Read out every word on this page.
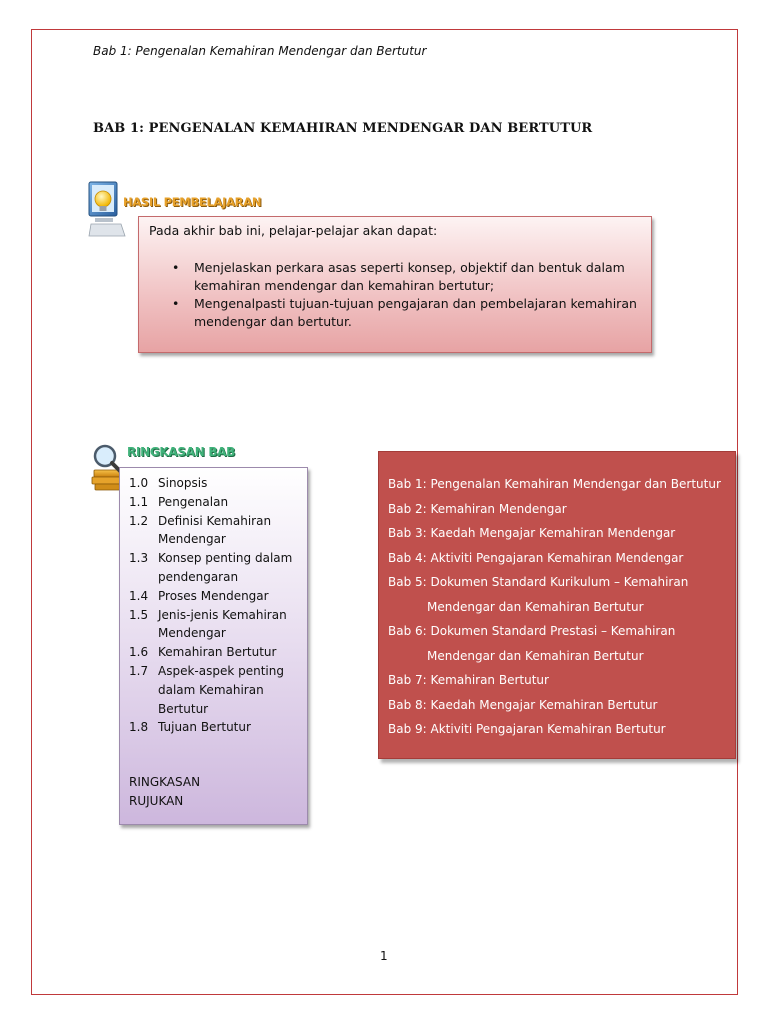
Bab 1: Pengenalan Kemahiran Mendengar dan Bertutur
BAB 1: PENGENALAN KEMAHIRAN MENDENGAR DAN BERTUTUR
HASIL PEMBELAJARAN
Pada akhir bab ini, pelajar-pelajar akan dapat:
• Menjelaskan perkara asas seperti konsep, objektif dan bentuk dalam kemahiran mendengar dan kemahiran bertutur;
• Mengenalpasti tujuan-tujuan pengajaran dan pembelajaran kemahiran mendengar dan bertutur.
RINGKASAN BAB
1.0 Sinopsis
1.1 Pengenalan
1.2 Definisi Kemahiran Mendengar
1.3 Konsep penting dalam pendengaran
1.4 Proses Mendengar
1.5 Jenis-jenis Kemahiran Mendengar
1.6 Kemahiran Bertutur
1.7 Aspek-aspek penting dalam Kemahiran Bertutur
1.8 Tujuan Bertutur
RINGKASAN
RUJUKAN
Bab 1: Pengenalan Kemahiran Mendengar dan Bertutur
Bab 2: Kemahiran Mendengar
Bab 3: Kaedah Mengajar Kemahiran Mendengar
Bab 4: Aktiviti Pengajaran Kemahiran Mendengar
Bab 5: Dokumen Standard Kurikulum – Kemahiran
Mendengar dan Kemahiran Bertutur
Bab 6: Dokumen Standard Prestasi – Kemahiran
Mendengar dan Kemahiran Bertutur
Bab 7: Kemahiran Bertutur
Bab 8: Kaedah Mengajar Kemahiran Bertutur
Bab 9: Aktiviti Pengajaran Kemahiran Bertutur
1
